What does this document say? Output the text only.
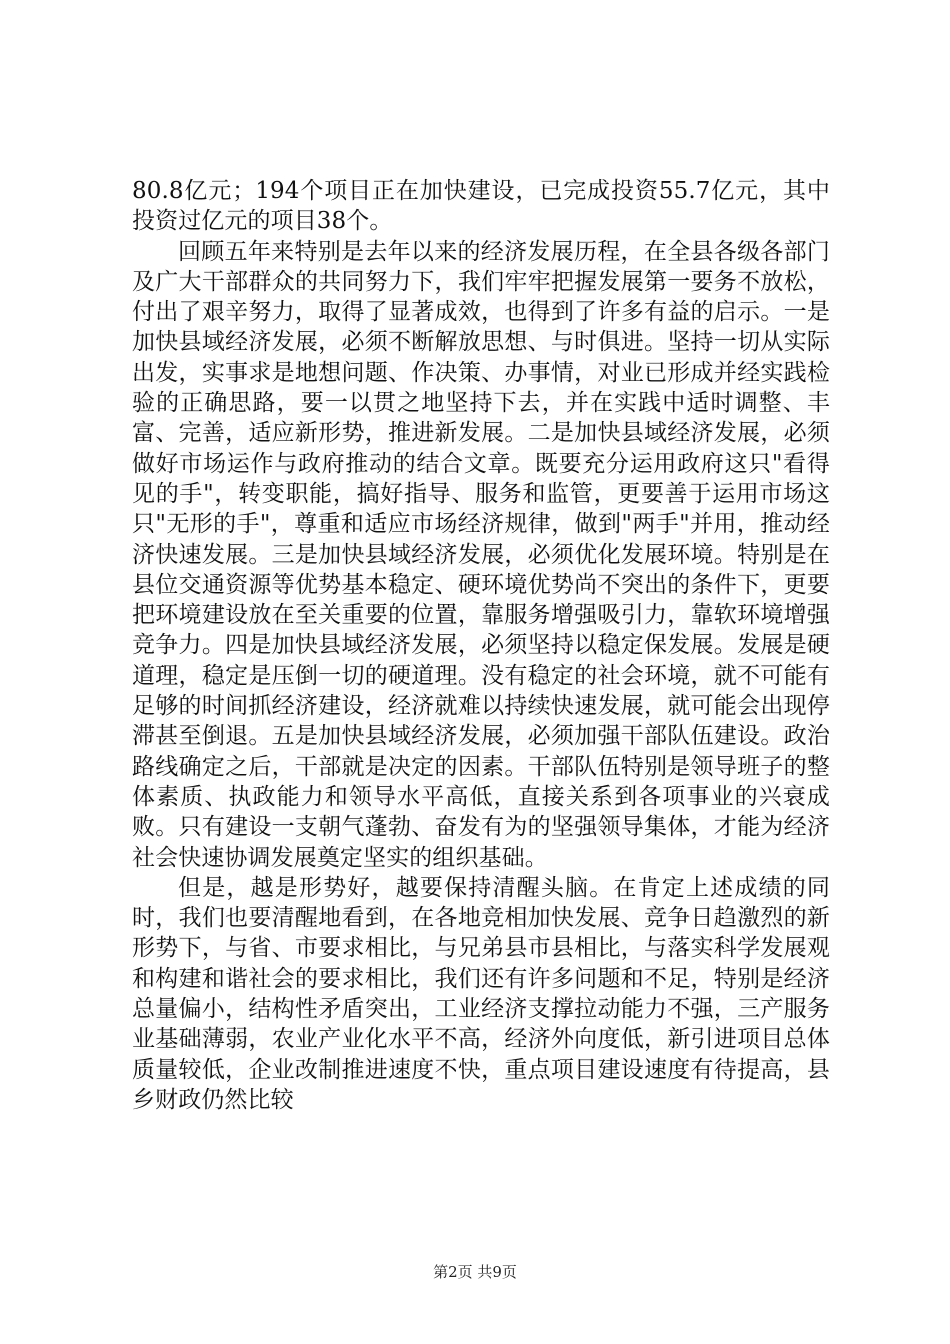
80.8亿元；194个项目正在加快建设，已完成投资55.7亿元，其中投资过亿元的项目38个。

回顾五年来特别是去年以来的经济发展历程，在全县各级各部门及广大干部群众的共同努力下，我们牢牢把握发展第一要务不放松，付出了艰辛努力，取得了显著成效，也得到了许多有益的启示。一是加快县域经济发展，必须不断解放思想、与时俱进。坚持一切从实际出发，实事求是地想问题、作决策、办事情，对业已形成并经实践检验的正确思路，要一以贯之地坚持下去，并在实践中适时调整、丰富、完善，适应新形势，推进新发展。二是加快县域经济发展，必须做好市场运作与政府推动的结合文章。既要充分运用政府这只"看得见的手"，转变职能，搞好指导、服务和监管，更要善于运用市场这只"无形的手"，尊重和适应市场经济规律，做到"两手"并用，推动经济快速发展。三是加快县域经济发展，必须优化发展环境。特别是在县位交通资源等优势基本稳定、硬环境优势尚不突出的条件下，更要把环境建设放在至关重要的位置，靠服务增强吸引力，靠软环境增强竞争力。四是加快县域经济发展，必须坚持以稳定保发展。发展是硬道理，稳定是压倒一切的硬道理。没有稳定的社会环境，就不可能有足够的时间抓经济建设，经济就难以持续快速发展，就可能会出现停滞甚至倒退。五是加快县域经济发展，必须加强干部队伍建设。政治路线确定之后，干部就是决定的因素。干部队伍特别是领导班子的整体素质、执政能力和领导水平高低，直接关系到各项事业的兴衰成败。只有建设一支朝气蓬勃、奋发有为的坚强领导集体，才能为经济社会快速协调发展奠定坚实的组织基础。

但是，越是形势好，越要保持清醒头脑。在肯定上述成绩的同时，我们也要清醒地看到，在各地竞相加快发展、竞争日趋激烈的新形势下，与省、市要求相比，与兄弟县市县相比，与落实科学发展观和构建和谐社会的要求相比，我们还有许多问题和不足，特别是经济总量偏小，结构性矛盾突出，工业经济支撑拉动能力不强，三产服务业基础薄弱，农业产业化水平不高，经济外向度低，新引进项目总体质量较低，企业改制推进速度不快，重点项目建设速度有待提高，县乡财政仍然比较

第2页 共9页
